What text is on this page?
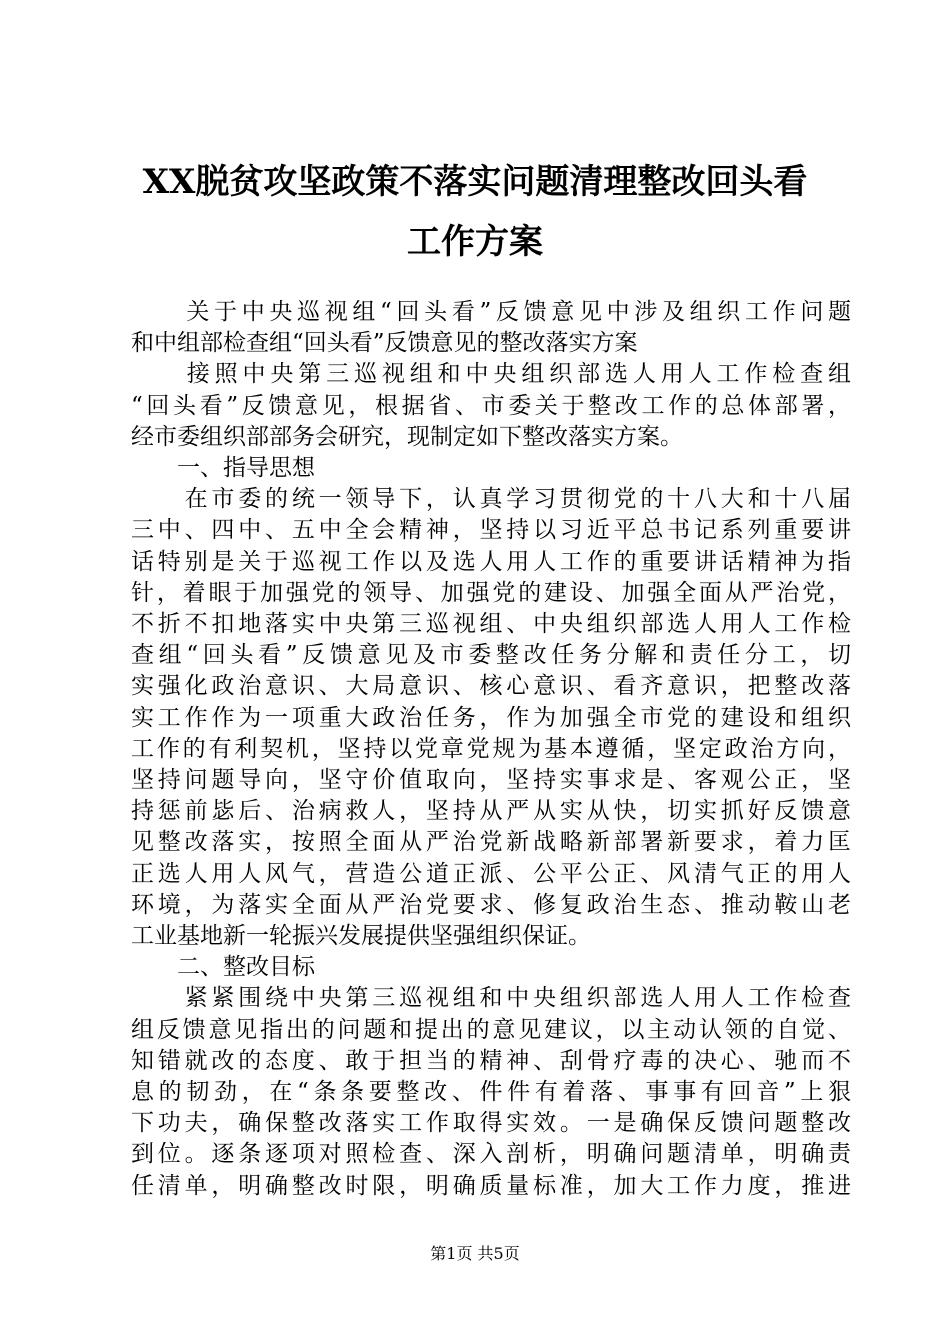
XX脱贫攻坚政策不落实问题清理整改回头看
工作方案
　　关于中央巡视组“回头看”反馈意见中涉及组织工作问题
和中组部检查组“回头看”反馈意见的整改落实方案
　　接照中央第三巡视组和中央组织部选人用人工作检查组
“回头看”反馈意见，根据省、市委关于整改工作的总体部署，
经市委组织部部务会研究，现制定如下整改落实方案。
　　一、指导思想
　　在市委的统一领导下，认真学习贯彻党的十八大和十八届
三中、四中、五中全会精神，坚持以习近平总书记系列重要讲
话特别是关于巡视工作以及选人用人工作的重要讲话精神为指
针，着眼于加强党的领导、加强党的建设、加强全面从严治党，
不折不扣地落实中央第三巡视组、中央组织部选人用人工作检
查组“回头看”反馈意见及市委整改任务分解和责任分工，切
实强化政治意识、大局意识、核心意识、看齐意识，把整改落
实工作作为一项重大政治任务，作为加强全市党的建设和组织
工作的有利契机，坚持以党章党规为基本遵循，坚定政治方向，
坚持问题导向，坚守价值取向，坚持实事求是、客观公正，坚
持惩前毖后、治病救人，坚持从严从实从快，切实抓好反馈意
见整改落实，按照全面从严治党新战略新部署新要求，着力匡
正选人用人风气，营造公道正派、公平公正、风清气正的用人
环境，为落实全面从严治党要求、修复政治生态、推动鞍山老
工业基地新一轮振兴发展提供坚强组织保证。
　　二、整改目标
　　紧紧围绕中央第三巡视组和中央组织部选人用人工作检查
组反馈意见指出的问题和提出的意见建议，以主动认领的自觉、
知错就改的态度、敢于担当的精神、刮骨疗毒的决心、驰而不
息的韧劲，在“条条要整改、件件有着落、事事有回音”上狠
下功夫，确保整改落实工作取得实效。一是确保反馈问题整改
到位。逐条逐项对照检查、深入剖析，明确问题清单，明确责
任清单，明确整改时限，明确质量标准，加大工作力度，推进
第1页 共5页
